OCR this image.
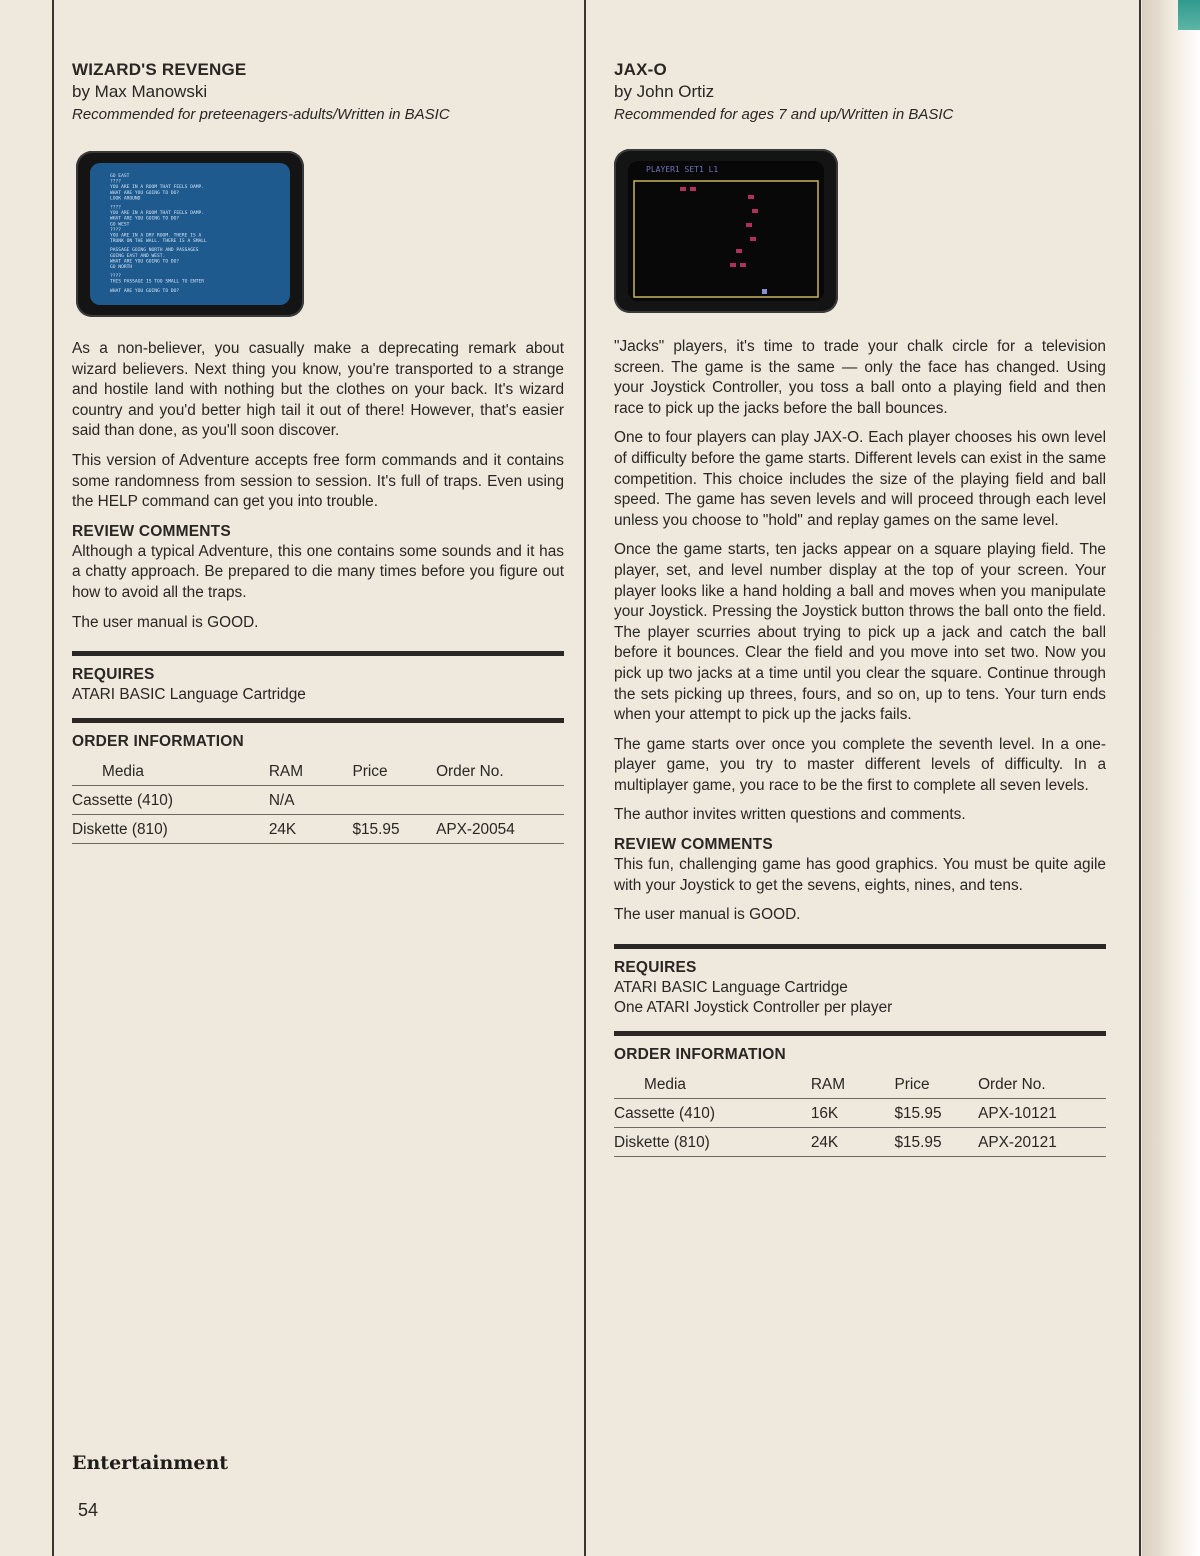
WIZARD'S REVENGE
by Max Manowski
Recommended for preteenagers-adults/Written in BASIC
GO EAST
????
YOU ARE IN A ROOM THAT FEELS DAMP.
WHAT ARE YOU GOING TO DO?
LOOK AROUND
????
YOU ARE IN A ROOM THAT FEELS DAMP.
WHAT ARE YOU GOING TO DO?
GO WEST
????
YOU ARE IN A DRY ROOM. THERE IS A
TRUNK ON THE WALL. THERE IS A SMALL
PASSAGE GOING NORTH AND PASSAGES
GOING EAST AND WEST.
WHAT ARE YOU GOING TO DO?
GO NORTH
????
THIS PASSAGE IS TOO SMALL TO ENTER
WHAT ARE YOU GOING TO DO?

As a non-believer, you casually make a deprecating remark about wizard believers. Next thing you know, you're transported to a strange and hostile land with nothing but the clothes on your back. It's wizard country and you'd better high tail it out of there! However, that's easier said than done, as you'll soon discover.

This version of Adventure accepts free form commands and it contains some randomness from session to session. It's full of traps. Even using the HELP command can get you into trouble.

REVIEW COMMENTS

Although a typical Adventure, this one contains some sounds and it has a chatty approach. Be prepared to die many times before you figure out how to avoid all the traps.

The user manual is GOOD.

REQUIRES

ATARI BASIC Language Cartridge

ORDER INFORMATION
Media	RAM	Price	Order No.
Cassette (410)	N/A		
Diskette (810)	24K	$15.95	APX-20054
JAX-O
by John Ortiz
Recommended for ages 7 and up/Written in BASIC
PLAYER1 SET1 L1

"Jacks" players, it's time to trade your chalk circle for a television screen. The game is the same — only the face has changed. Using your Joystick Controller, you toss a ball onto a playing field and then race to pick up the jacks before the ball bounces.

One to four players can play JAX-O. Each player chooses his own level of difficulty before the game starts. Different levels can exist in the same competition. This choice includes the size of the playing field and ball speed. The game has seven levels and will proceed through each level unless you choose to "hold" and replay games on the same level.

Once the game starts, ten jacks appear on a square playing field. The player, set, and level number display at the top of your screen. Your player looks like a hand holding a ball and moves when you manipulate your Joystick. Pressing the Joystick button throws the ball onto the field. The player scurries about trying to pick up a jack and catch the ball before it bounces. Clear the field and you move into set two. Now you pick up two jacks at a time until you clear the square. Continue through the sets picking up threes, fours, and so on, up to tens. Your turn ends when your attempt to pick up the jacks fails.

The game starts over once you complete the seventh level. In a one-player game, you try to master different levels of difficulty. In a multiplayer game, you race to be the first to complete all seven levels.

The author invites written questions and comments.

REVIEW COMMENTS

This fun, challenging game has good graphics. You must be quite agile with your Joystick to get the sevens, eights, nines, and tens.

The user manual is GOOD.

REQUIRES

ATARI BASIC Language Cartridge

One ATARI Joystick Controller per player

ORDER INFORMATION
Media	RAM	Price	Order No.
Cassette (410)	16K	$15.95	APX-10121
Diskette (810)	24K	$15.95	APX-20121
Entertainment
54
